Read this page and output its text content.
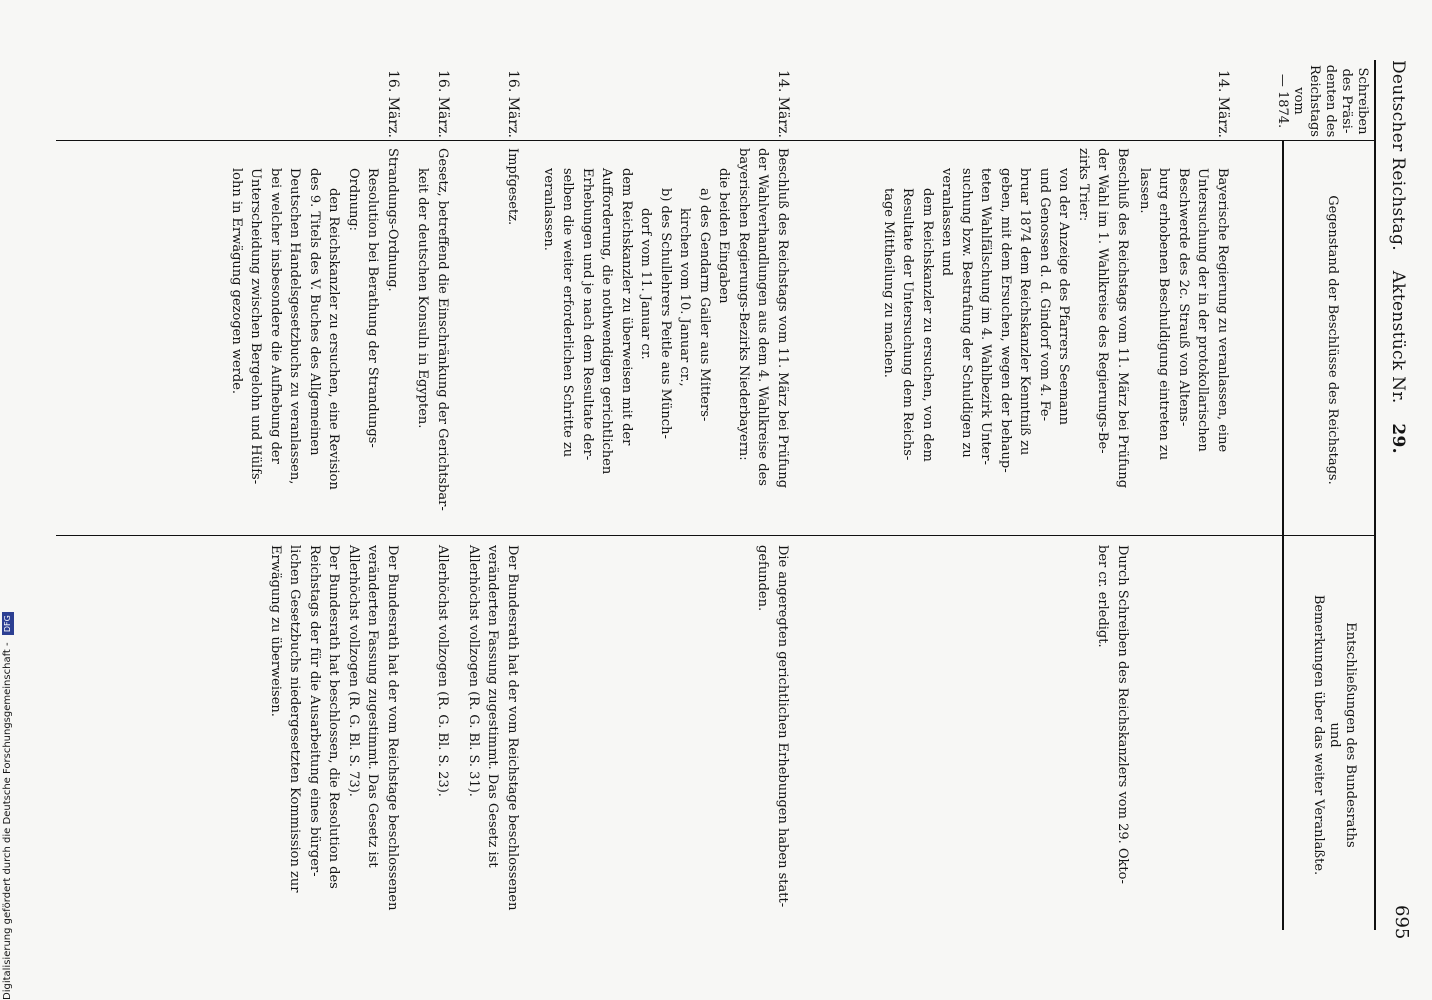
Deutscher Reichstag. Aktenstück Nr. 29.
695
Schreiben
des Präsi-
denten des
Reichstags
vom
— 1874.
Gegenstand der Beschlüsse des Reichstags.
Entschließungen des Bundesraths
und
Bemerkungen über das weiter Veranlaßte.
14. März.

Bayerische Regierung zu veranlassen, eine

Untersuchung der in der protokollarischen

Beschwerde des 2c. Strauß von Altens-

burg erhobenen Beschuldigung eintreten zu

lassen.

Beschluß des Reichstags vom 11. März bei Prüfung

der Wahl im 1. Wahlkreise des Regierungs-Be-

zirks Trier:

von der Anzeige des Pfarrers Seemann

und Genossen d. d. Gindorf vom 4. Fe-

bruar 1874 dem Reichskanzler Kenntniß zu

geben, mit dem Ersuchen, wegen der behaup-

teten Wahlfälschung im 4. Wahlbezirk Unter-

suchung bzw. Bestrafung der Schuldigen zu

veranlassen und

dem Reichskanzler zu ersuchen, von dem

Resultate der Untersuchung dem Reichs-

tage Mittheilung zu machen.

Durch Schreiben des Reichskanzlers vom 29. Okto-

ber cr. erledigt.

14. März.

Beschluß des Reichstags vom 11. März bei Prüfung

der Wahlverhandlungen aus dem 4. Wahlkreise des

bayerischen Regierungs-Bezirks Niederbayern:

die beiden Eingaben

a) des Gendarm Gailer aus Mitters-

kirchen vom 10. Januar cr.,

b) des Schullehrers Peitle aus Münch-

dorf vom 11. Januar cr.

dem Reichskanzler zu überweisen mit der

Aufforderung, die nothwendigen gerichtlichen

Erhebungen und je nach dem Resultate der-

selben die weiter erforderlichen Schritte zu

veranlassen.

Die angeregten gerichtlichen Erhebungen haben statt-

gefunden.

16. März.

Impfgesetz.

Der Bundesrath hat der vom Reichstage beschlossenen

veränderten Fassung zugestimmt. Das Gesetz ist

Allerhöchst vollzogen (R. G. Bl. S. 31).

16. März.

Gesetz, betreffend die Einschränkung der Gerichtsbar-

keit der deutschen Konsuln in Egypten.

Allerhöchst vollzogen (R. G. Bl. S. 23).

16. März.

Strandungs-Ordnung.

Resolution bei Berathung der Strandungs-

Ordnung:

den Reichskanzler zu ersuchen, eine Revision

des 9. Titels des V. Buches des Allgemeinen

Deutschen Handelsgesetzbuchs zu veranlassen,

bei welcher insbesondere die Aufhebung der

Unterscheidung zwischen Bergelohn und Hülfs-

lohn in Erwägung gezogen werde.

Der Bundesrath hat der vom Reichstage beschlossenen

veränderten Fassung zugestimmt. Das Gesetz ist

Allerhöchst vollzogen (R. G. Bl. S. 73).

Der Bundesrath hat beschlossen, die Resolution des

Reichstags der für die Ausarbeitung eines bürger-

lichen Gesetzbuchs niedergesetzten Kommission zur

Erwägung zu überweisen.

Digitalisierung gefördert durch die Deutsche Forschungsgemeinschaft - DFG
